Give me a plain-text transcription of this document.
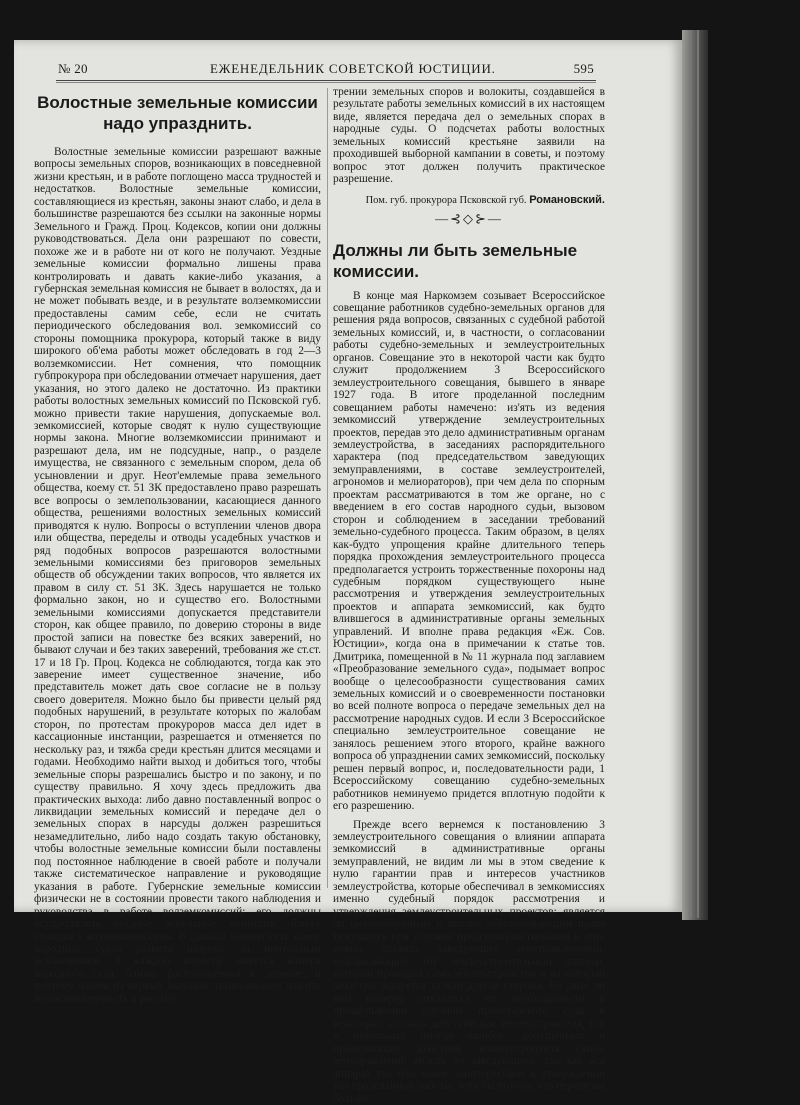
№ 20	ЕЖЕНЕДЕЛЬНИК СОВЕТСКОЙ ЮСТИЦИИ.	595
Волостные земельные комиссии надо упразднить.

Волостные земельные комиссии разрешают важные вопросы земельных споров, возникающих в повседневной жизни крестьян, и в работе поглощено масса трудностей и недостатков. Волостные земельные комиссии, составляющиеся из крестьян, законы знают слабо, и дела в большинстве разрешаются без ссылки на законные нормы Земельного и Гражд. Проц. Кодексов, копии они должны руководствоваться. Дела они разрешают по совести, похоже же и в работе ни от кого не получают. Уездные земельные комиссии формально лишены права контролировать и давать какие-либо указания, а губернская земельная комиссия не бывает в волостях, да и не может побывать везде, и в результате волземкомиссии предоставлены самим себе, если не считать периодического обследования вол. земкомиссий со стороны помощника прокурора, который также в виду широкого об'ема работы может обследовать в год 2—3 волземкомиссии. Нет сомнения, что помощник губпрокурора при обследовании отмечает нарушения, дает указания, но этого далеко не достаточно. Из практики работы волостных земельных комиссий по Псковской губ. можно привести такие нарушения, допускаемые вол. земкомиссией, которые сводят к нулю существующие нормы закона. Многие волземкомиссии принимают и разрешают дела, им не подсудные, напр., о разделе имущества, не связанного с земельным спором, дела об усыновлении и друг. Неот'емлемые права земельного общества, коему ст. 51 ЗК предоставлено право разрешать все вопросы о землепользовании, касающиеся данного общества, решениями волостных земельных комиссий приводятся к нулю. Вопросы о вступлении членов двора или общества, переделы и отводы усадебных участков и ряд подобных вопросов разрешаются волостными земельными комиссиями без приговоров земельных обществ об обсуждении таких вопросов, что является их правом в силу ст. 51 ЗК. Здесь нарушается не только формально закон, но и существо его. Волостными земельными комиссиями допускается представители сторон, как общее правило, по доверию стороны в виде простой записи на повестке без всяких заверений, но бывают случаи и без таких заверений, требования же ст.ст. 17 и 18 Гр. Проц. Кодекса не соблюдаются, тогда как это заверение имеет существенное значение, ибо представитель может дать свое согласие не в пользу своего доверителя. Можно было бы привести целый ряд подобных нарушений, в результате которых по жалобам сторон, по протестам прокуроров масса дел идет в кассационные инстанции, разрешается и отменяется по нескольку раз, и тяжба среди крестьян длится месяцами и годами. Необходимо найти выход и добиться того, чтобы земельные споры разрешались быстро и по закону, и по существу правильно. Я хочу здесь предложить два практических выхода: либо давно поставленный вопрос о ликвидации земельных комиссий и передаче дел о земельных спорах в нарсуды должен разрешиться незамедлительно, либо надо создать такую обстановку, чтобы волостные земельные комиссии были поставлены под постоянное наблюдение в своей работе и получали также систематическое направление и руководящие указания в работе. Губернские земельные комиссии физически не в состоянии провести такого наблюдения и руководства в работе волземкомиссий; его должны осуществлять уездные земельные комиссии, ближе стоящие к волземкомиссиям. В данный момент сеть камер народных судов развита широко, за ничтожным исключением, в каждой волости имеется камера народного суда, близко расположенная к деревне, и поэтому одним из первых выходов, позволяющих изжить незаконномерность в рассмо-

трении земельных споров и волокиты, создавшейся в результате работы земельных комиссий в их настоящем виде, является передача дел о земельных спорах в народные суды. О подсчетах работы волостных земельных комиссий крестьяне заявили на проходившей выборной кампании в советы, и поэтому вопрос этот должен получить практическое разрешение.

Пом. губ. прокурора Псковской губ. Романовский.
—⊰◇⊱—
Должны ли быть земельные комиссии.

В конце мая Наркомзем созывает Всероссийское совещание работников судебно-земельных органов для решения ряда вопросов, связанных с судебной работой земельных комиссий, и, в частности, о согласовании работы судебно-земельных и землеустроительных органов. Совещание это в некоторой части как будто служит продолжением 3 Всероссийского землеустроительного совещания, бывшего в январе 1927 года. В итоге проделанной последним совещанием работы намечено: из'ять из ведения земкомиссий утверждение землеустроительных проектов, передав это дело административным органам землеустройства, в заседаниях распорядительного характера (под председательством заведующих земуправлениями, в составе землеустроителей, агрономов и мелиораторов), при чем дела по спорным проектам рассматриваются в том же органе, но с введением в его состав народного судьи, вызовом сторон и соблюдением в заседании требований земельно-судебного процесса. Таким образом, в целях как-будто упрощения крайне длительного теперь порядка прохождения землеустроительного процесса предполагается устроить торжественные похороны над судебным порядком существующего ныне рассмотрения и утверждения землеустроительных проектов и аппарата земкомиссий, как будто влившегося в административные органы земельных управлений. И вполне права редакция «Еж. Сов. Юстиции», когда она в примечании к статье тов. Дмитрика, помещенной в № 11 журнала под заглавием «Преобразование земельного суда», подымает вопрос вообще о целесообразности существования самих земельных комиссий и о своевременности постановки во всей полноте вопроса о передаче земельных дел на рассмотрение народных судов. И если 3 Всероссийское специально землеустроительное совещание не занялось решением этого второго, крайне важного вопроса об упразднении самих земкомиссий, поскольку решен первый вопрос, и, последовательности ради, 1 Всероссийскому совещанию судебно-земельных работников неминуемо придется вплотную подойти к его разрешению.

Прежде всего вернемся к постановлению 3 землеустроительного совещания о влиянии аппарата земкомиссий в административные органы земуправлений, не видим ли мы в этом сведение к нулю гарантии прав и интересов участников землеустройства, которые обеспечивал в земкомиссиях именно судебный порядок рассмотрения и утверждения землеустроительных проектов; является ли целесообразным и вполне обеспечивающим права тяжущихся при условии председательствования в этих новых органах заведующих земуправлениями, возглавляющих тот землеустроительный аппарат, который проводил само землеустройство и на который зачастую жалуется та или другая сторона. Не рано ли нам наперед отказаться от необходимости в прощупывании органом пролетарского суда в некоторых случаях действий как землеустроителя, так и невольных иногда ошибок, допущенных и проверяющих действия землеустроителя самих земуправлений вплоть до заведующего, так как вся аппарат так или иначе заинтересован в утверждении раз проделанной работы, хотя бы потому, что переделка больно
